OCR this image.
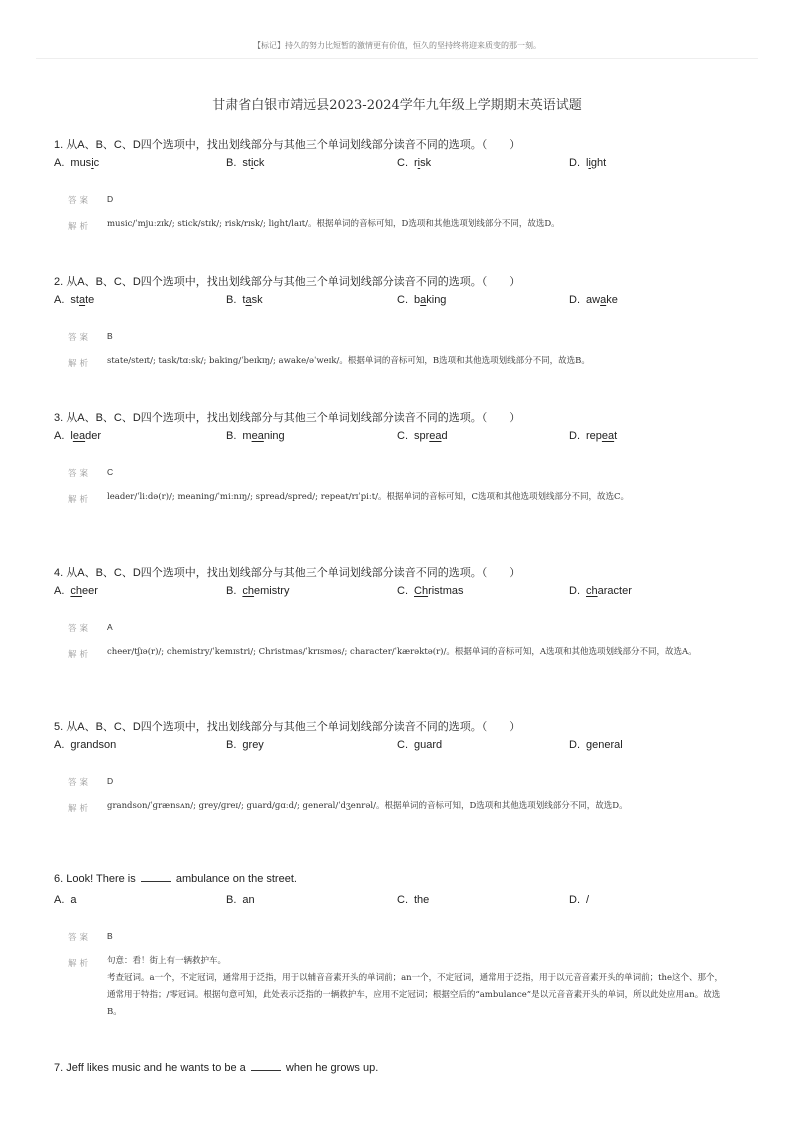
【标记】持久的努力比短暂的激情更有价值，恒久的坚持终将迎来质变的那一刻。
甘肃省白银市靖远县2023-2024学年九年级上学期期末英语试题
1. 从A、B、C、D四个选项中，找出划线部分与其他三个单词划线部分读音不同的选项。（　　）
A. music	B. stick	C. risk	D. light
答案 D
解析 music/ˈmjuːzɪk/; stick/stɪk/; risk/rɪsk/; light/laɪt/。根据单词的音标可知，D选项和其他选项划线部分不同，故选D。
2. 从A、B、C、D四个选项中，找出划线部分与其他三个单词划线部分读音不同的选项。（　　）
A. state	B. task	C. baking	D. awake
答案 B
解析 state/steɪt/; task/tɑːsk/; baking/ˈbeɪkɪŋ/; awake/əˈweɪk/。根据单词的音标可知，B选项和其他选项划线部分不同，故选B。
3. 从A、B、C、D四个选项中，找出划线部分与其他三个单词划线部分读音不同的选项。（　　）
A. leader	B. meaning	C. spread	D. repeat
答案 C
解析 leader/ˈliːdə(r)/; meaning/ˈmiːnɪŋ/; spread/spred/; repeat/rɪˈpiːt/。根据单词的音标可知，C选项和其他选项划线部分不同，故选C。
4. 从A、B、C、D四个选项中，找出划线部分与其他三个单词划线部分读音不同的选项。（　　）
A. cheer	B. chemistry	C. Christmas	D. character
答案 A
解析 cheer/tʃɪə(r)/; chemistry/ˈkemɪstri/; Christmas/ˈkrɪsməs/; character/ˈkærəktə(r)/。根据单词的音标可知，A选项和其他选项划线部分不同，故选A。
5. 从A、B、C、D四个选项中，找出划线部分与其他三个单词划线部分读音不同的选项。（　　）
A. grandson	B. grey	C. guard	D. general
答案 D
解析 grandson/ˈɡrænsʌn/; grey/ɡreɪ/; guard/ɡɑːd/; general/ˈdʒenrəl/。根据单词的音标可知，D选项和其他选项划线部分不同，故选D。
6. Look! There is	ambulance on the street.
A. a	B. an	C. the	D. /
答案 B
解析 句意：看！街上有一辆救护车。
考查冠词。a一个，不定冠词，通常用于泛指，用于以辅音音素开头的单词前；an一个，不定冠词，通常用于泛指，用于以元音音素开头的单词前；the这个、那个，通常用于特指；/零冠词。根据句意可知，此处表示泛指的一辆救护车，应用不定冠词；根据空后的“ambulance”是以元音音素开头的单词，所以此处应用an。故选B。
7. Jeff likes music and he wants to be a	when he grows up.
